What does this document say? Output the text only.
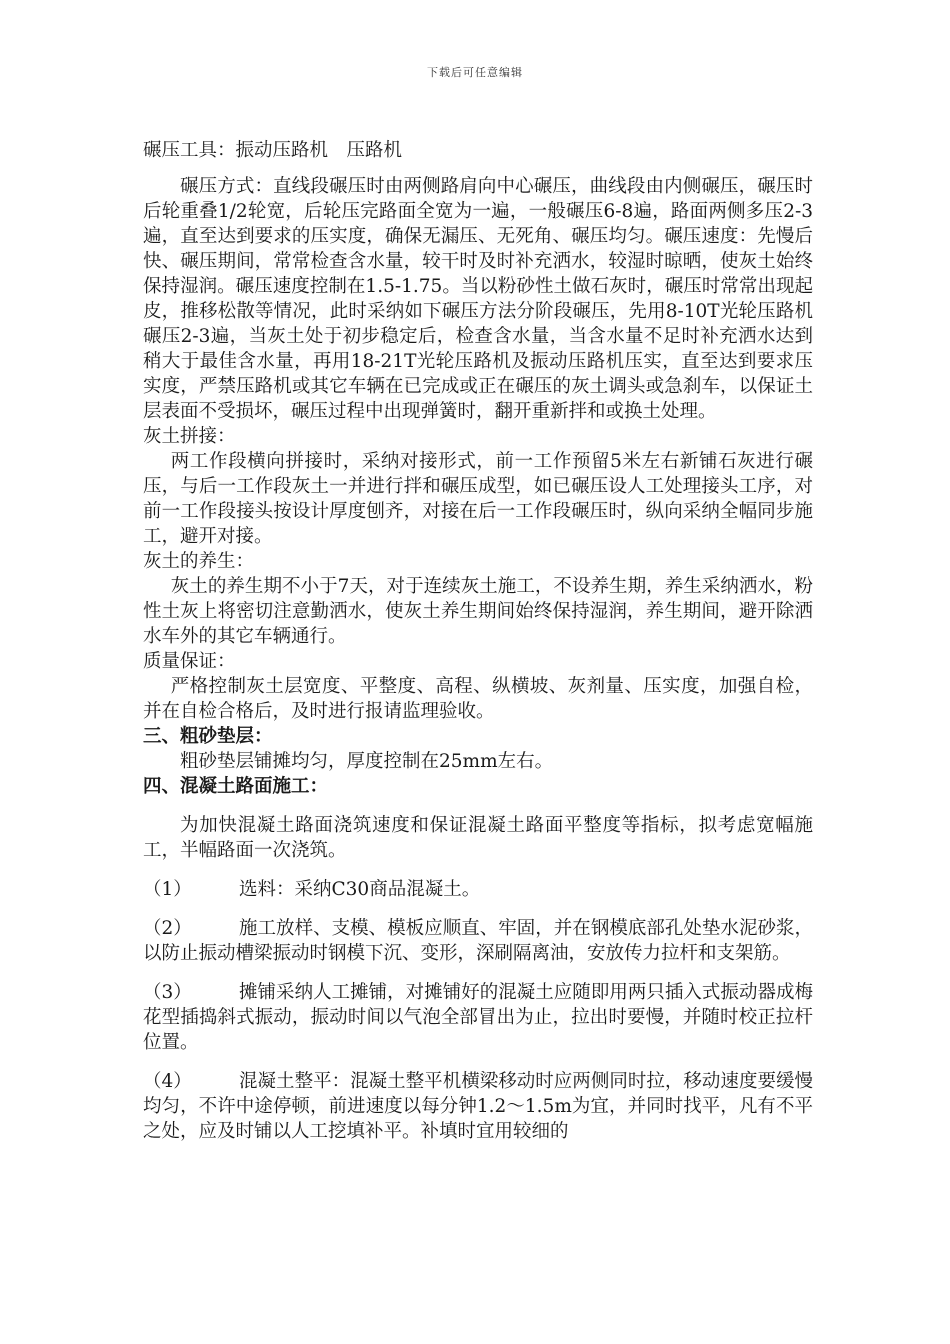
下载后可任意编辑

碾压工具：振动压路机　压路机

碾压方式：直线段碾压时由两侧路肩向中心碾压，曲线段由内侧碾压，碾压时后轮重叠1/2轮宽，后轮压完路面全宽为一遍，一般碾压6-8遍，路面两侧多压2-3遍，直至达到要求的压实度，确保无漏压、无死角、碾压均匀。碾压速度：先慢后快、碾压期间，常常检查含水量，较干时及时补充洒水，较湿时晾晒，使灰土始终保持湿润。碾压速度控制在1.5-1.75。当以粉砂性土做石灰时，碾压时常常出现起皮，推移松散等情况，此时采纳如下碾压方法分阶段碾压，先用8-10T光轮压路机碾压2-3遍，当灰土处于初步稳定后，检查含水量，当含水量不足时补充洒水达到稍大于最佳含水量，再用18-21T光轮压路机及振动压路机压实，直至达到要求压实度，严禁压路机或其它车辆在已完成或正在碾压的灰土调头或急刹车，以保证土层表面不受损坏，碾压过程中出现弹簧时，翻开重新拌和或换土处理。

灰土拼接：

两工作段横向拼接时，采纳对接形式，前一工作预留5米左右新铺石灰进行碾压，与后一工作段灰土一并进行拌和碾压成型，如已碾压设人工处理接头工序，对前一工作段接头按设计厚度刨齐，对接在后一工作段碾压时，纵向采纳全幅同步施工，避开对接。

灰土的养生：

灰土的养生期不小于7天，对于连续灰土施工，不设养生期，养生采纳洒水，粉性土灰上将密切注意勤洒水，使灰土养生期间始终保持湿润，养生期间，避开除洒水车外的其它车辆通行。

质量保证：

严格控制灰土层宽度、平整度、高程、纵横坡、灰剂量、压实度，加强自检，并在自检合格后，及时进行报请监理验收。

三、粗砂垫层：

粗砂垫层铺摊均匀，厚度控制在25mm左右。

四、混凝土路面施工：

为加快混凝土路面浇筑速度和保证混凝土路面平整度等指标，拟考虑宽幅施工，半幅路面一次浇筑。

（1）	选料：采纳C30商品混凝土。

（2）	施工放样、支模、模板应顺直、牢固，并在钢模底部孔处垫水泥砂浆，以防止振动槽梁振动时钢模下沉、变形，深刷隔离油，安放传力拉杆和支架筋。

（3）	摊铺采纳人工摊铺，对摊铺好的混凝土应随即用两只插入式振动器成梅花型插捣斜式振动，振动时间以气泡全部冒出为止，拉出时要慢，并随时校正拉杆位置。

（4）	混凝土整平：混凝土整平机横梁移动时应两侧同时拉，移动速度要缓慢均匀，不许中途停顿，前进速度以每分钟1.2～1.5m为宜，并同时找平，凡有不平之处，应及时铺以人工挖填补平。补填时宜用较细的
